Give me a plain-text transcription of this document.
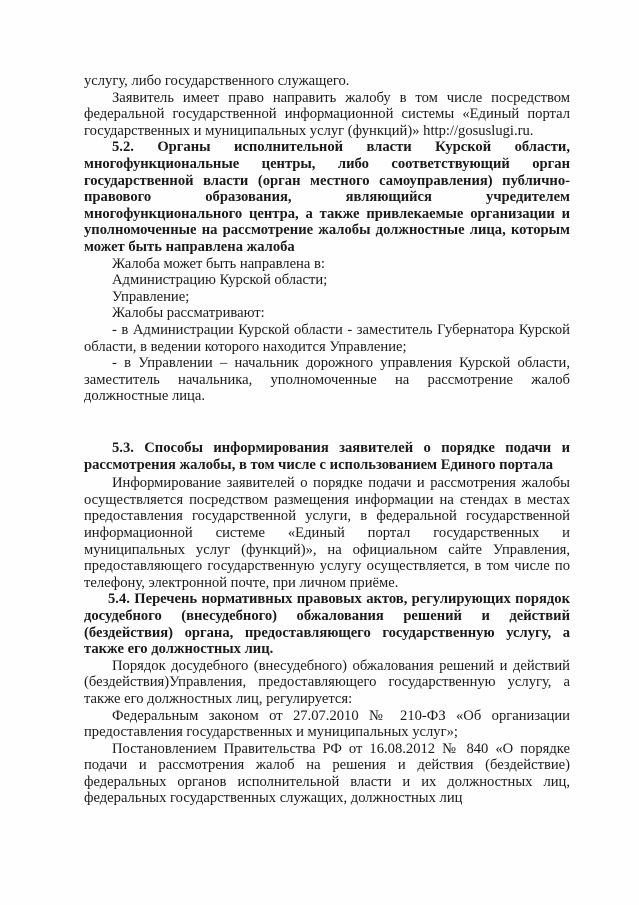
услугу, либо государственного служащего.

Заявитель имеет право направить жалобу в том числе посредством федеральной государственной информационной системы «Единый портал государственных и муниципальных услуг (функций)» http://gosuslugi.ru.

5.2. Органы исполнительной власти Курской области, многофункциональные центры, либо соответствующий орган государственной власти (орган местного самоуправления) публично-правового образования, являющийся учредителем многофункционального центра, а также привлекаемые организации и уполномоченные на рассмотрение жалобы должностные лица, которым может быть направлена жалоба

Жалоба может быть направлена в:

Администрацию Курской области;

Управление;

Жалобы рассматривают:

- в Администрации Курской области - заместитель Губернатора Курской области, в ведении которого находится Управление;

- в Управлении – начальник дорожного управления Курской области, заместитель начальника, уполномоченные на рассмотрение жалоб должностные лица.

5.3. Способы информирования заявителей о порядке подачи и рассмотрения жалобы, в том числе с использованием Единого портала

Информирование заявителей о порядке подачи и рассмотрения жалобы осуществляется посредством размещения информации на стендах в местах предоставления государственной услуги, в федеральной государственной информационной системе «Единый портал государственных и муниципальных услуг (функций)», на официальном сайте Управления, предоставляющего государственную услугу осуществляется, в том числе по телефону, электронной почте, при личном приёме.

5.4. Перечень нормативных правовых актов, регулирующих порядок досудебного (внесудебного) обжалования решений и действий (бездействия) органа, предоставляющего государственную услугу, а также его должностных лиц.

Порядок досудебного (внесудебного) обжалования решений и действий (бездействия)Управления, предоставляющего государственную услугу, а также его должностных лиц, регулируется:

Федеральным законом от 27.07.2010 № 210-ФЗ «Об организации предоставления государственных и муниципальных услуг»;

Постановлением Правительства РФ от 16.08.2012 № 840 «О порядке подачи и рассмотрения жалоб на решения и действия (бездействие) федеральных органов исполнительной власти и их должностных лиц, федеральных государственных служащих, должностных лиц
